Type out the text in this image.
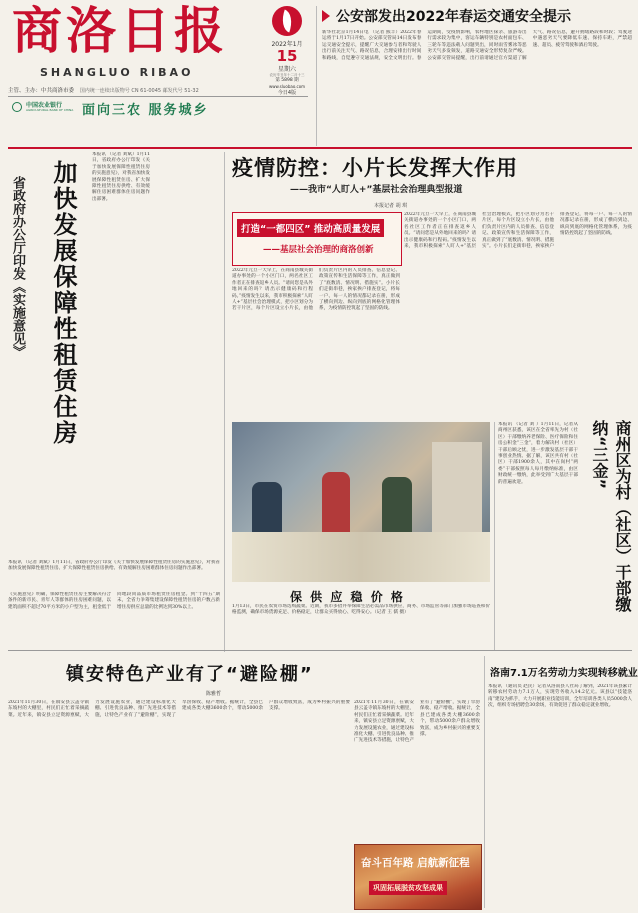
商洛日报
SHANGLUO RIBAO
主管、主办：中共商洛市委 国内统一连续出版物号 CN 61-0045 邮发代号 51-32
中国农业银行
AGRICULTURAL BANK OF CHINA 面向三农 服务城乡
2022年1月
15
星期六
农历辛丑年十二月十三
第 5898 期
www.sluobao.com
今日4版
公安部发出2022年春运交通安全提示
新华社北京1月14日电 （记者 熊丰）2022年春运将于1月17日开始。公安部交管局14日发布春运交通安全提示，提醒广大交通参与者和驾驶人出行前关注天气、路况信息，合理安排出行时间和路线，自觉遵守交通法规，安全文明出行。春运期间，受疫情影响，农村地区探亲、旅游等出行需求较为集中，客运车辆特别是农村面包车、三轮车等违法载人问题突出，同时雨雪雾冰等恶劣天气多发频发，道路交通安全形势复杂严峻。公安部交管局提醒，出行前请通过官方渠道了解天气、路况信息，避开拥堵路段和时段；驾驶途中遇恶劣天气要降低车速、保持车距，严禁超速、超员、疲劳驾驶和酒后驾驶。
省政府办公厅印发《实施意见》 加快发展保障性租赁住房
本报讯 （记者 刘斌）1月11日，省政府办公厅印发《关于加快发展保障性租赁住房的实施意见》，对我省加快发展保障性租赁住房、扩大保障性租赁住房供给、有效缓解住房困难群体住房问题作出部署。
《实施意见》明确，保障性租赁住房主要解决符合条件的新市民、青年人等群体的住房困难问题，以建筑面积不超过70平方米的小户型为主，租金低于同地段同品质市场租赁住房租金。到“十四五”期末，全省力争筹集建设保障性租赁住房的户数占新增住房供应总量的比例达到30%以上。
本报讯 （记者 刘斌）1月11日，省政府办公厅印发《关于加快发展保障性租赁住房的实施意见》，对我省加快发展保障性租赁住房、扩大保障性租赁住房供给、有效缓解住房困难群体住房问题作出部署。
疫情防控：小片长发挥大作用
——我市“人盯人+”基层社会治理典型报道
本报记者 胡 琪
打造“一都四区” 推动高质量发展
——基层社会治理的商洛创新
2022年元旦一天早上，在商南县城关街道办事处的一个小区门口，两名社区工作者正在排查返乡人员。“请问您是从外地回来的吗？请出示健康码和行程码。”疫情发生以来，我市积极探索“人盯人+”基层社会治理模式，把小区划分为若干片区，每个片区设立小片长，由他们负责片区内的人员排查、信息登记、政策宣传和生活保障等工作，真正做到了“底数清、情况明、措施实”。小片长们走街串巷，挨家挨户排查登记，将每一户、每一人的情况都记录在册，形成了横向到边、纵向到底的网格化管理体系，为疫情防控筑起了坚固的防线。
2022年元旦一天早上，在商南县城关街道办事处的一个小区门口，两名社区工作者正在排查返乡人员。“请问您是从外地回来的吗？请出示健康码和行程码。”疫情发生以来，我市积极探索“人盯人+”基层社会治理模式，把小区划分为若干片区，每个片区设立小片长，由他们负责片区内的人员排查、信息登记、政策宣传和生活保障等工作，真正做到了“底数清、情况明、措施实”。小片长们走街串巷，挨家挨户排查登记，将每一户、每一人的情况都记录在册，形成了横向到边、纵向到底的网格化管理体系，为疫情防控筑起了坚固的防线。
保 供 应 稳 价 格
1月13日，市民在农贸市场选购蔬菜。近期，我市多措并举保障生活必需品市场供应，商务、市场监管等部门加强市场巡查和价格监测，确保市场货源充足、价格稳定，让群众买得放心、吃得安心。（记者 王 儒 摄）
本报讯 （记者 刘 ）1月11日，记者从商州区获悉，该区在全省率先为村（社区）干部缴纳养老保险、医疗保险和住房公积金“三金”，着力解决村（社区）干部后顾之忧，进一步激发基层干部干事创业热情。据了解，该区共有村（社区）干部1900余人，其中在岗村“两委”干部按照每人每月缴纳标准，由区财政统一缴纳，此举受到广大基层干部的普遍欢迎。	商州区为村（社区）干部缴纳“三金”
镇安特色产业有了“避险棚”
陈雅哲
2021年11月30日，在镇安县云盖寺镇东坡村的大棚里，村民们正忙着采摘蔬菜。近年来，镇安县立足资源禀赋，大力发展设施农业，通过建设标准化大棚、引进优良品种、推广先进技术等措施，让特色产业有了“避险棚”，实现了旱涝保收、稳产增收。据统计，全县已建成各类大棚3600余个，带动5000余户群众增收致富，成为乡村振兴的重要支撑。
2021年11月30日，在镇安县云盖寺镇东坡村的大棚里，村民们正忙着采摘蔬菜。近年来，镇安县立足资源禀赋，大力发展设施农业，通过建设标准化大棚、引进优良品种、推广先进技术等措施，让特色产业有了“避险棚”，实现了旱涝保收、稳产增收。据统计，全县已建成各类大棚3600余个，带动5000余户群众增收致富，成为乡村振兴的重要支撑。
奋斗百年路 启航新征程
巩固拓展脱贫攻坚成果
洛南7.1万名劳动力实现转移就业
本报讯 （通讯员 赵民）记者从洛南县人社局了解到，2021年该县累计转移农村劳动力7.1万人，实现劳务收入14.2亿元。该县以“技能洛南”建设为抓手，大力开展职业技能培训，全年培训各类人员5000余人次，组织专场招聘会30余场，有效促进了群众稳定就业增收。
